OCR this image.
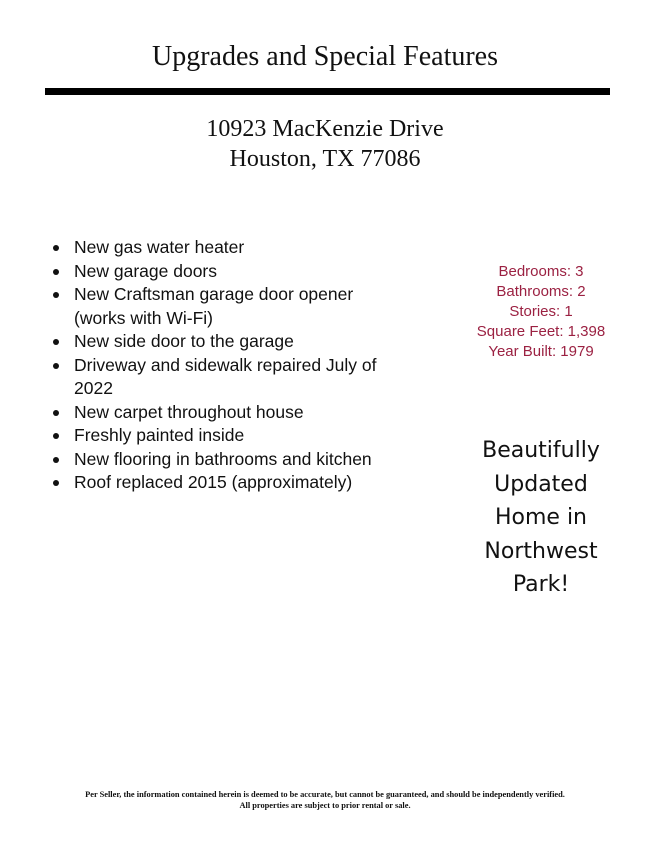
Upgrades and Special Features
10923 MacKenzie Drive
Houston, TX 77086
New gas water heater
New garage doors
New Craftsman garage door opener (works with Wi-Fi)
New side door to the garage
Driveway and sidewalk repaired July of 2022
New carpet throughout house
Freshly painted inside
New flooring in bathrooms and kitchen
Roof replaced 2015 (approximately)
Bedrooms: 3
Bathrooms: 2
Stories: 1
Square Feet: 1,398
Year Built: 1979
Beautifully
Updated
Home in
Northwest
Park!
Per Seller, the information contained herein is deemed to be accurate, but cannot be guaranteed, and should be independently verified.
All properties are subject to prior rental or sale.
